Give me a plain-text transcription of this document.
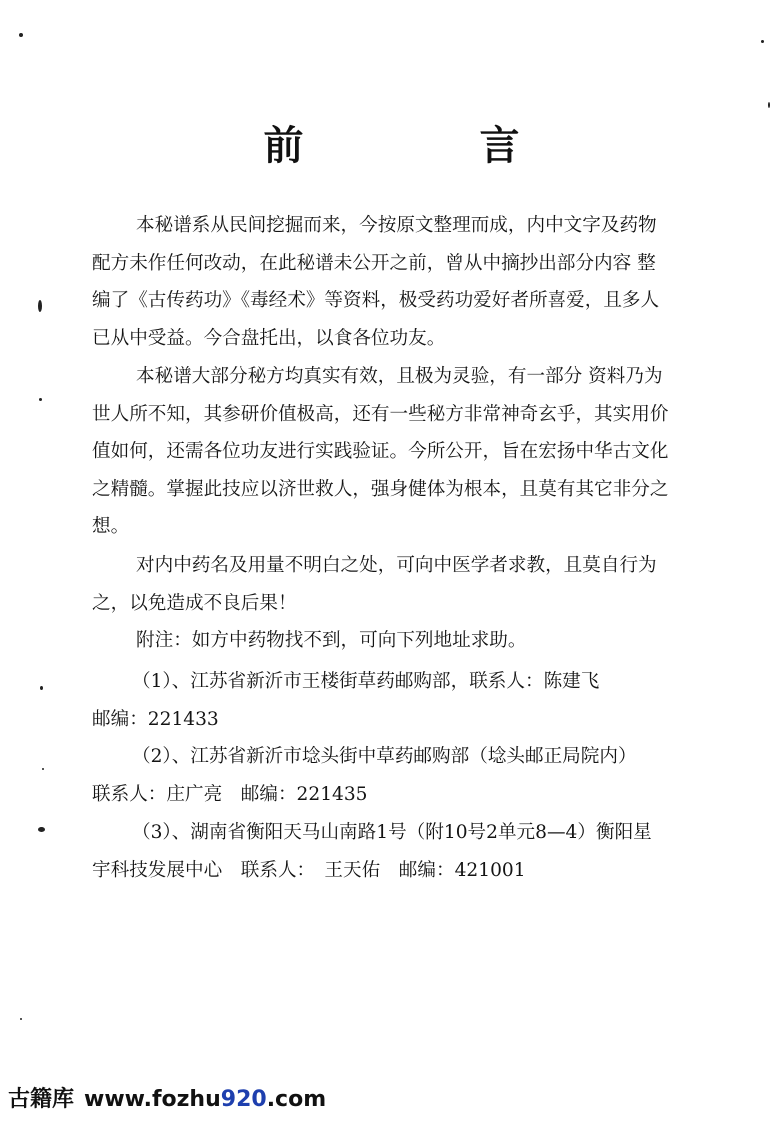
前　言

本秘谱系从民间挖掘而来，今按原文整理而成，内中文字及药物配方未作任何改动，在此秘谱未公开之前，曾从中摘抄出部分内容 整编了《古传药功》《毒经术》等资料，极受药功爱好者所喜爱，且多人已从中受益。今合盘托出，以食各位功友。

本秘谱大部分秘方均真实有效，且极为灵验，有一部分 资料乃为世人所不知，其参研价值极高，还有一些秘方非常神奇玄乎，其实用价值如何，还需各位功友进行实践验证。今所公开，旨在宏扬中华古文化之精髓。掌握此技应以济世救人，强身健体为根本，且莫有其它非分之想。

对内中药名及用量不明白之处，可向中医学者求教，且莫自行为之，以免造成不良后果！

附注：如方中药物找不到，可向下列地址求助。

（1）、江苏省新沂市王楼街草药邮购部，联系人：陈建飞
邮编：221433
（2）、江苏省新沂市埝头街中草药邮购部（埝头邮正局院内）
联系人：庄广亮　邮编：221435
（3）、湖南省衡阳天马山南路1号（附10号2单元8—4）衡阳星
宇科技发展中心　联系人：　王天佑　邮编：421001
古籍库 www.fozhu920.com
